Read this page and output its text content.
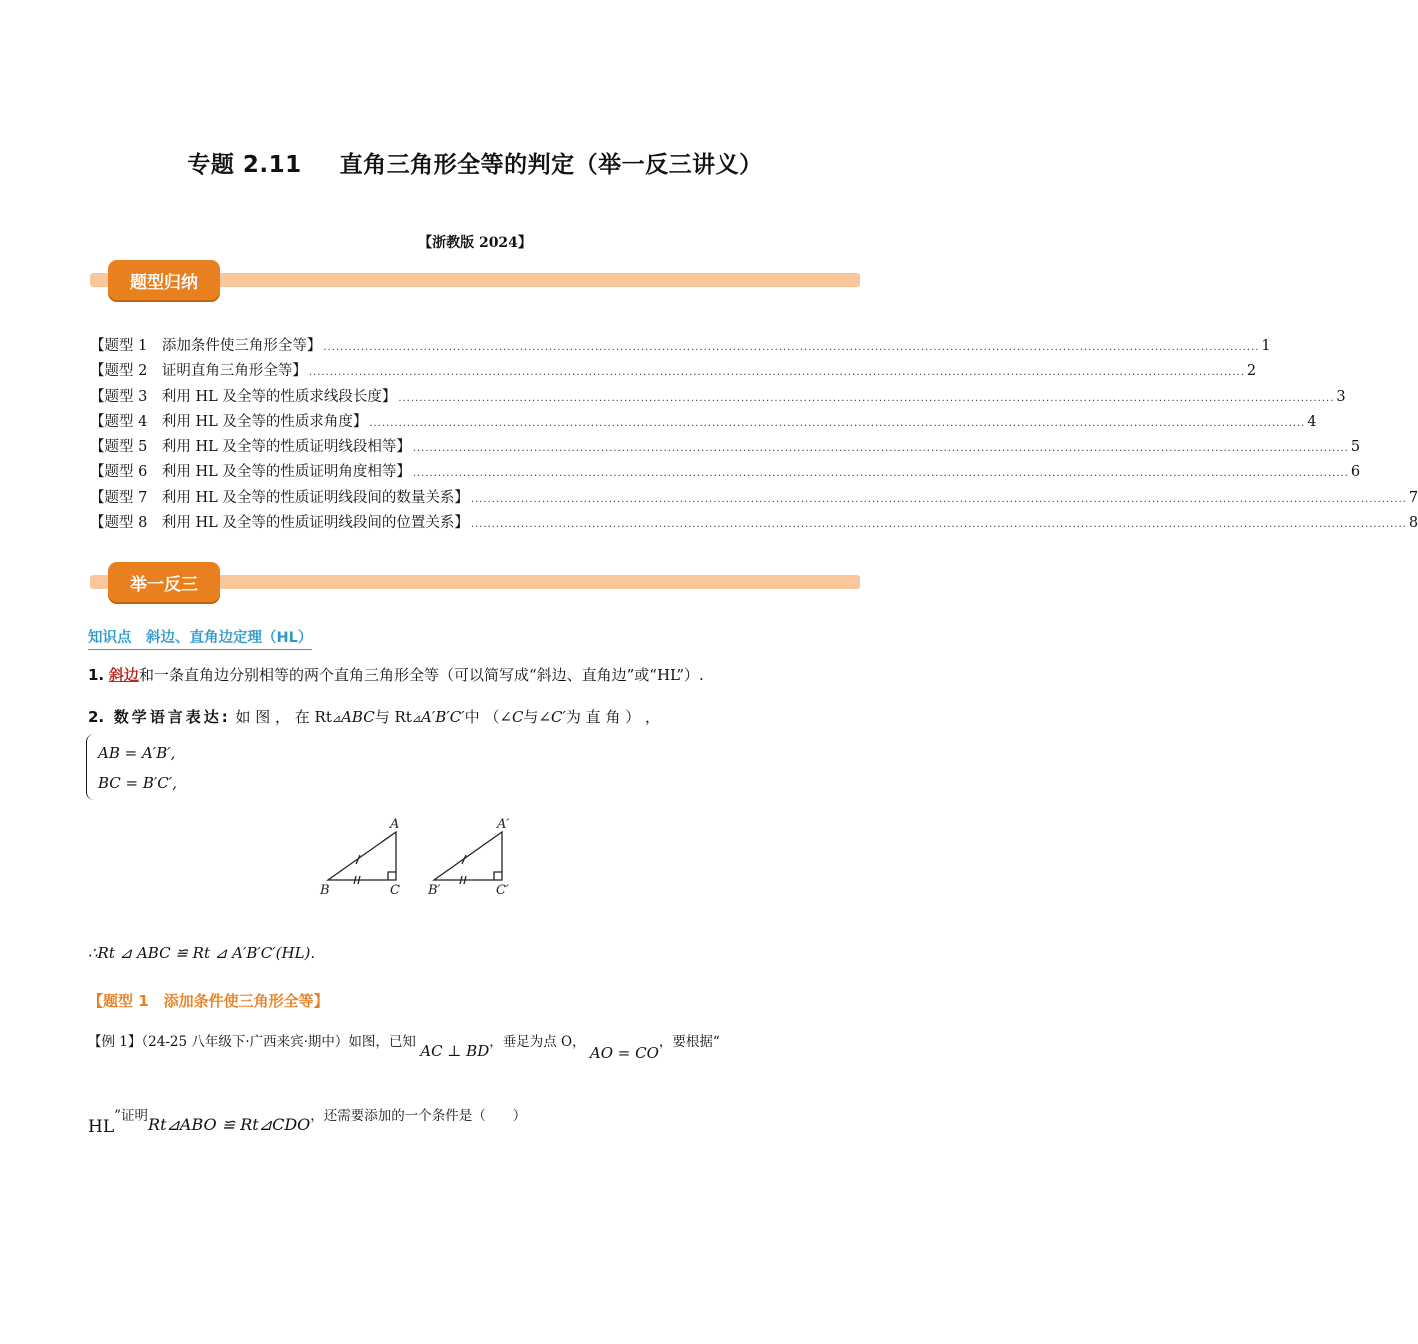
专题 2.11 直角三角形全等的判定（举一反三讲义）
【浙教版 2024】
题型归纳
【题型 1　添加条件使三角形全等】 ................................................................................................................................................................................................................................ 1
【题型 2　证明直角三角形全等】 ................................................................................................................................................................................................................................ 2
【题型 3　利用 HL 及全等的性质求线段长度】 ................................................................................................................................................................................................................................ 3
【题型 4　利用 HL 及全等的性质求角度】 ................................................................................................................................................................................................................................ 4
【题型 5　利用 HL 及全等的性质证明线段相等】 ................................................................................................................................................................................................................................ 5
【题型 6　利用 HL 及全等的性质证明角度相等】 ................................................................................................................................................................................................................................ 6
【题型 7　利用 HL 及全等的性质证明线段间的数量关系】 ................................................................................................................................................................................................................................ 7
【题型 8　利用 HL 及全等的性质证明线段间的位置关系】 ................................................................................................................................................................................................................................ 8
举一反三
知识点　斜边、直角边定理（HL）
1. 斜边和一条直角边分别相等的两个直角三角形全等（可以简写成“斜边、直角边”或“HL”）.
2. 数学语言表达: 如 图 ， 在 Rt⊿ABC与 Rt⊿A′B′C′中 （∠C与∠C′为 直 角 ） ，
AB = A′B′,
BC = B′C′,
A
B	C
A′
B′	C′
∴Rt ⊿ ABC ≌ Rt ⊿ A′B′C′(HL).
【题型 1　添加条件使三角形全等】
【例 1】（24-25 八年级下·广西来宾·期中）如图，已知 AC ⊥ BD，垂足为点 O， AO = CO，要根据“
HL”证明Rt⊿ABO ≌ Rt⊿CDO，还需要添加的一个条件是（　　）
